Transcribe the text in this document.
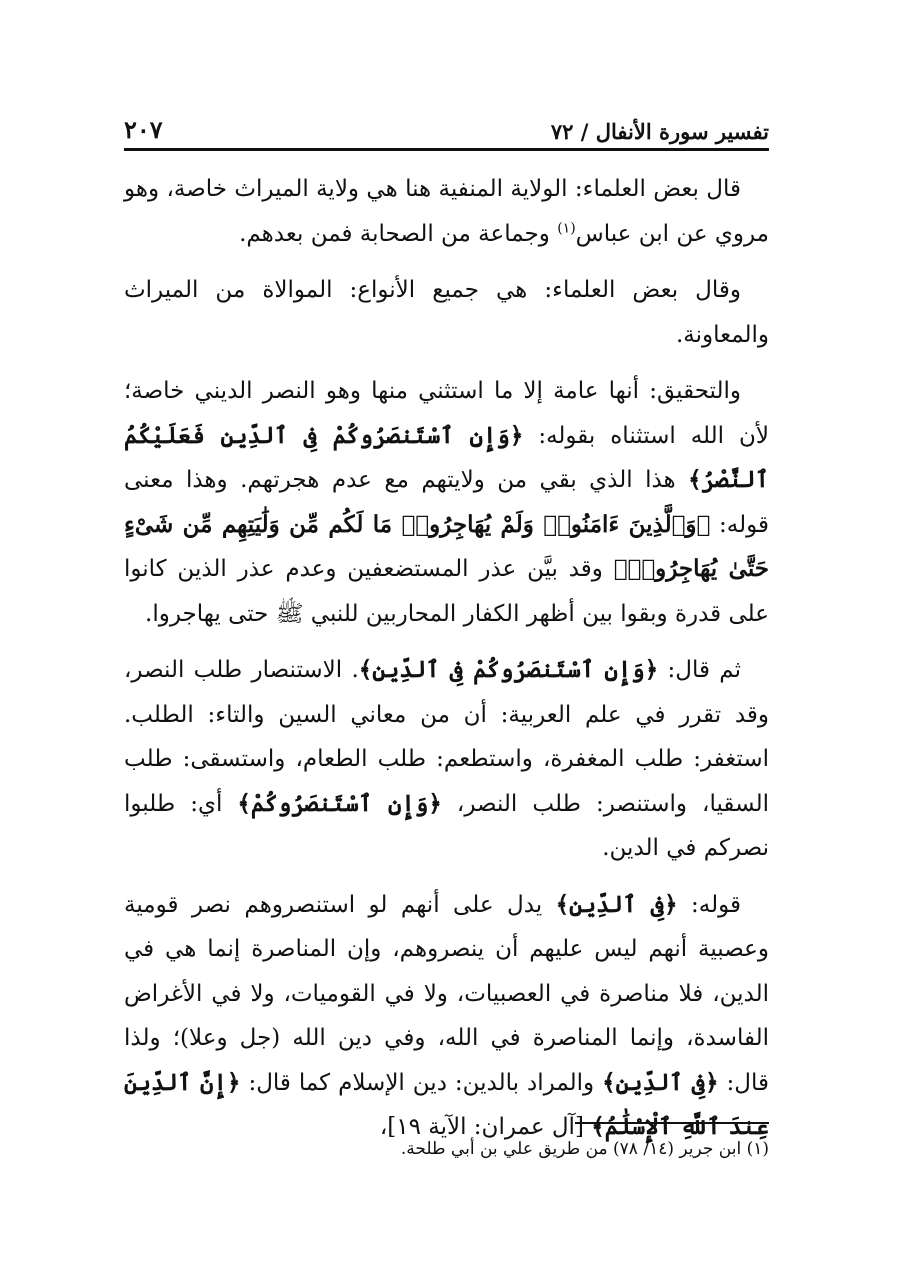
تفسير سورة الأنفال / ٧٢
٢٠٧

قال بعض العلماء: الولاية المنفية هنا هي ولاية الميراث خاصة، وهو مروي عن ابن عباس$^{(١)}$ وجماعة من الصحابة فمن بعدهم.

وقال بعض العلماء: هي جميع الأنواع: الموالاة من الميراث والمعاونة.

والتحقيق: أنها عامة إلا ما استثني منها وهو النصر الديني خاصة؛ لأن الله استثناه بقوله: ﴿وَإِنِ ٱسْتَنصَرُوكُمْ فِى ٱلدِّينِ فَعَلَيْكُمُ ٱلنَّصْرُ﴾ هذا الذي بقي من ولايتهم مع عدم هجرتهم. وهذا معنى قوله: ﴿وَٱلَّذِينَ ءَامَنُوا۟ وَلَمْ يُهَاجِرُوا۟ مَا لَكُم مِّن وَلَٰيَتِهِم مِّن شَىْءٍ حَتَّىٰ يُهَاجِرُوا۟﴾ وقد بيَّن عذر المستضعفين وعدم عذر الذين كانوا على قدرة وبقوا بين أظهر الكفار المحاربين للنبي ﷺ حتى يهاجروا.

ثم قال: ﴿وَإِنِ ٱسْتَنصَرُوكُمْ فِى ٱلدِّينِ﴾. الاستنصار طلب النصر، وقد تقرر في علم العربية: أن من معاني السين والتاء: الطلب. استغفر: طلب المغفرة، واستطعم: طلب الطعام، واستسقى: طلب السقيا، واستنصر: طلب النصر، ﴿وَإِنِ ٱسْتَنصَرُوكُمْ﴾ أي: طلبوا نصركم في الدين.

قوله: ﴿فِى ٱلدِّينِ﴾ يدل على أنهم لو استنصروهم نصر قومية وعصبية أنهم ليس عليهم أن ينصروهم، وإن المناصرة إنما هي في الدين، فلا مناصرة في العصبيات، ولا في القوميات، ولا في الأغراض الفاسدة، وإنما المناصرة في الله، وفي دين الله (جل وعلا)؛ ولذا قال: ﴿فِى ٱلدِّينِ﴾ والمراد بالدين: دين الإسلام كما قال: ﴿إِنَّ ٱلدِّينَ عِندَ ٱللَّهِ ٱلْإِسْلَٰمُ﴾ [آل عمران: الآية ١٩]،

(١) ابن جرير (١٤/ ٧٨) من طريق علي بن أبي طلحة.
